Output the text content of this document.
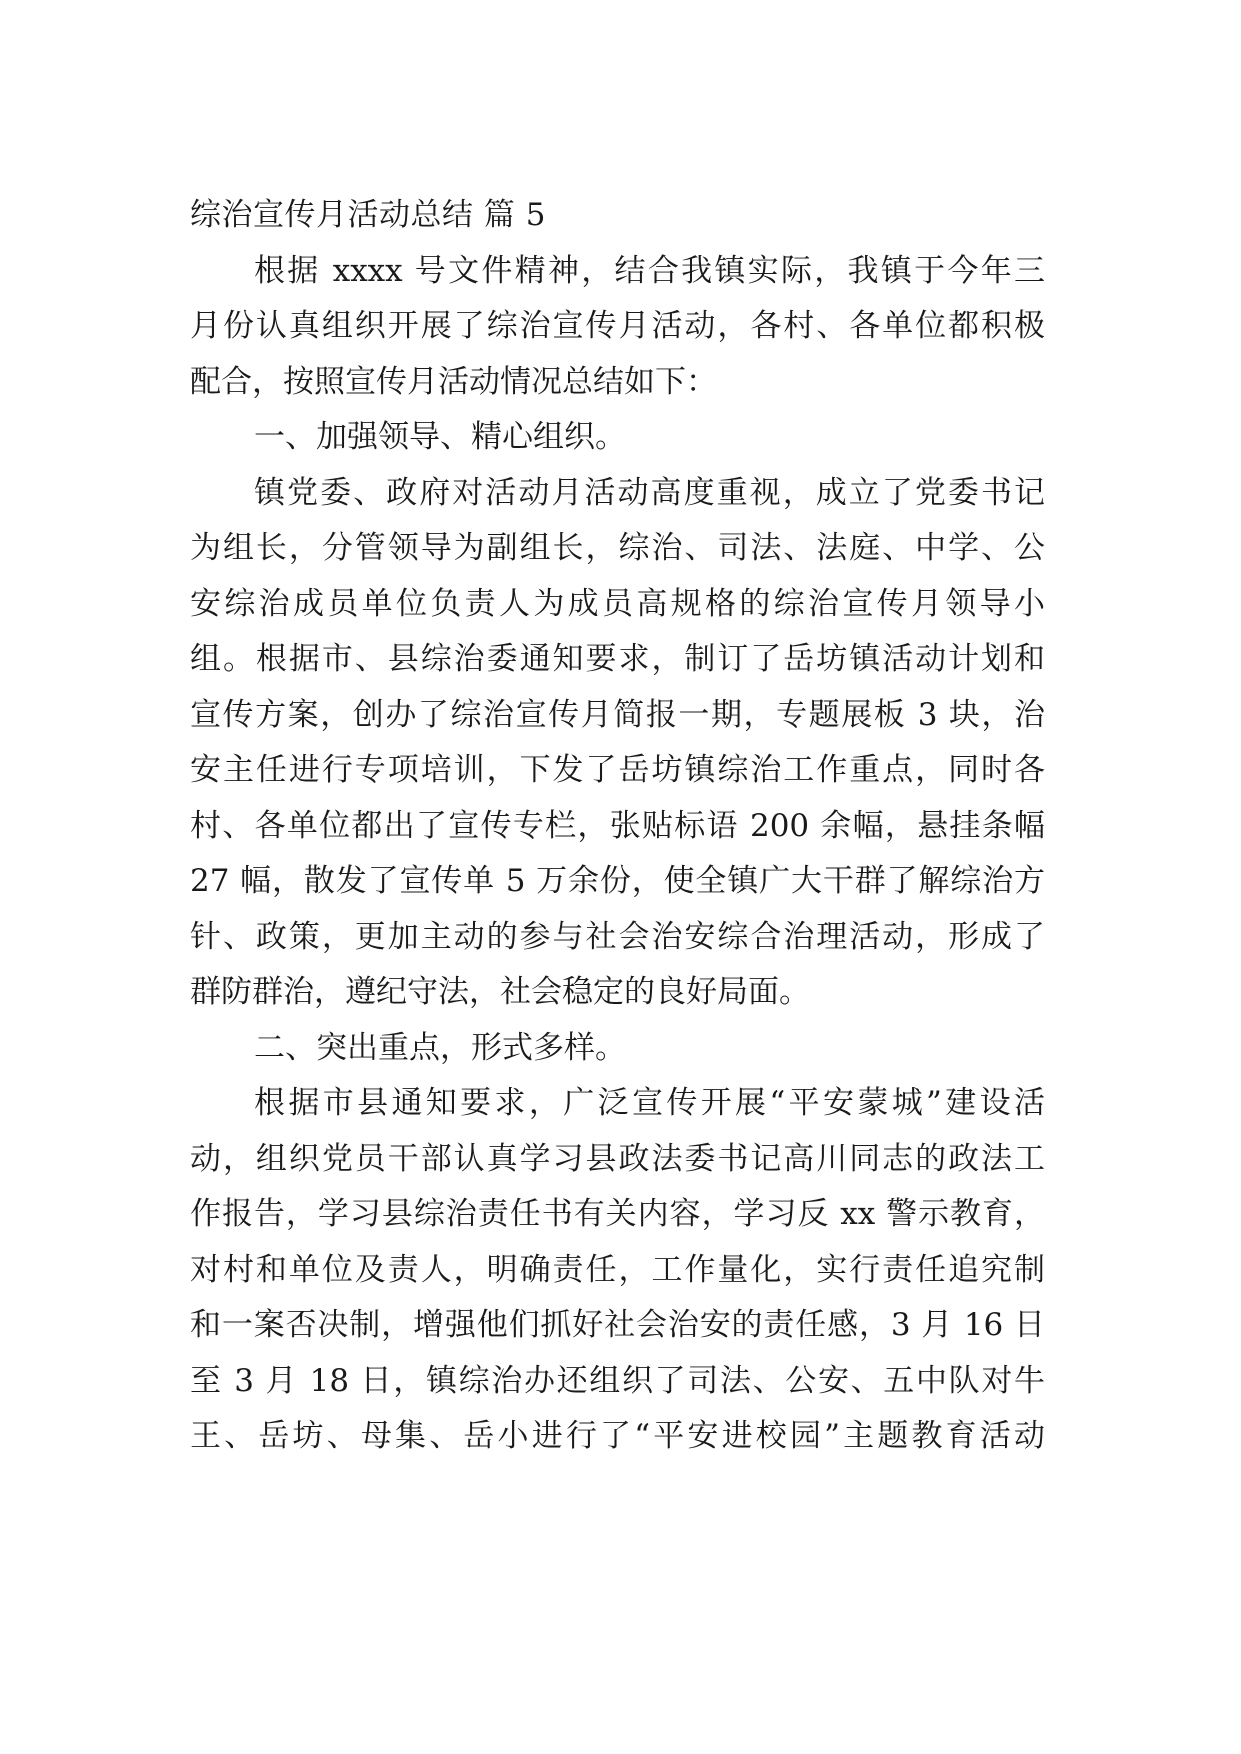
综治宣传月活动总结 篇 5
根据 xxxx 号文件精神，结合我镇实际，我镇于今年三
月份认真组织开展了综治宣传月活动，各村、各单位都积极
配合，按照宣传月活动情况总结如下：
一、加强领导、精心组织。
镇党委、政府对活动月活动高度重视，成立了党委书记
为组长，分管领导为副组长，综治、司法、法庭、中学、公
安综治成员单位负责人为成员高规格的综治宣传月领导小
组。根据市、县综治委通知要求，制订了岳坊镇活动计划和
宣传方案，创办了综治宣传月简报一期，专题展板 3 块，治
安主任进行专项培训，下发了岳坊镇综治工作重点，同时各
村、各单位都出了宣传专栏，张贴标语 200 余幅，悬挂条幅
27 幅，散发了宣传单 5 万余份，使全镇广大干群了解综治方
针、政策，更加主动的参与社会治安综合治理活动，形成了
群防群治，遵纪守法，社会稳定的良好局面。
二、突出重点，形式多样。
根据市县通知要求，广泛宣传开展“平安蒙城”建设活
动，组织党员干部认真学习县政法委书记高川同志的政法工
作报告，学习县综治责任书有关内容，学习反 xx 警示教育，
对村和单位及责人，明确责任，工作量化，实行责任追究制
和一案否决制，增强他们抓好社会治安的责任感，3 月 16 日
至 3 月 18 日，镇综治办还组织了司法、公安、五中队对牛
王、岳坊、母集、岳小进行了“平安进校园”主题教育活动
